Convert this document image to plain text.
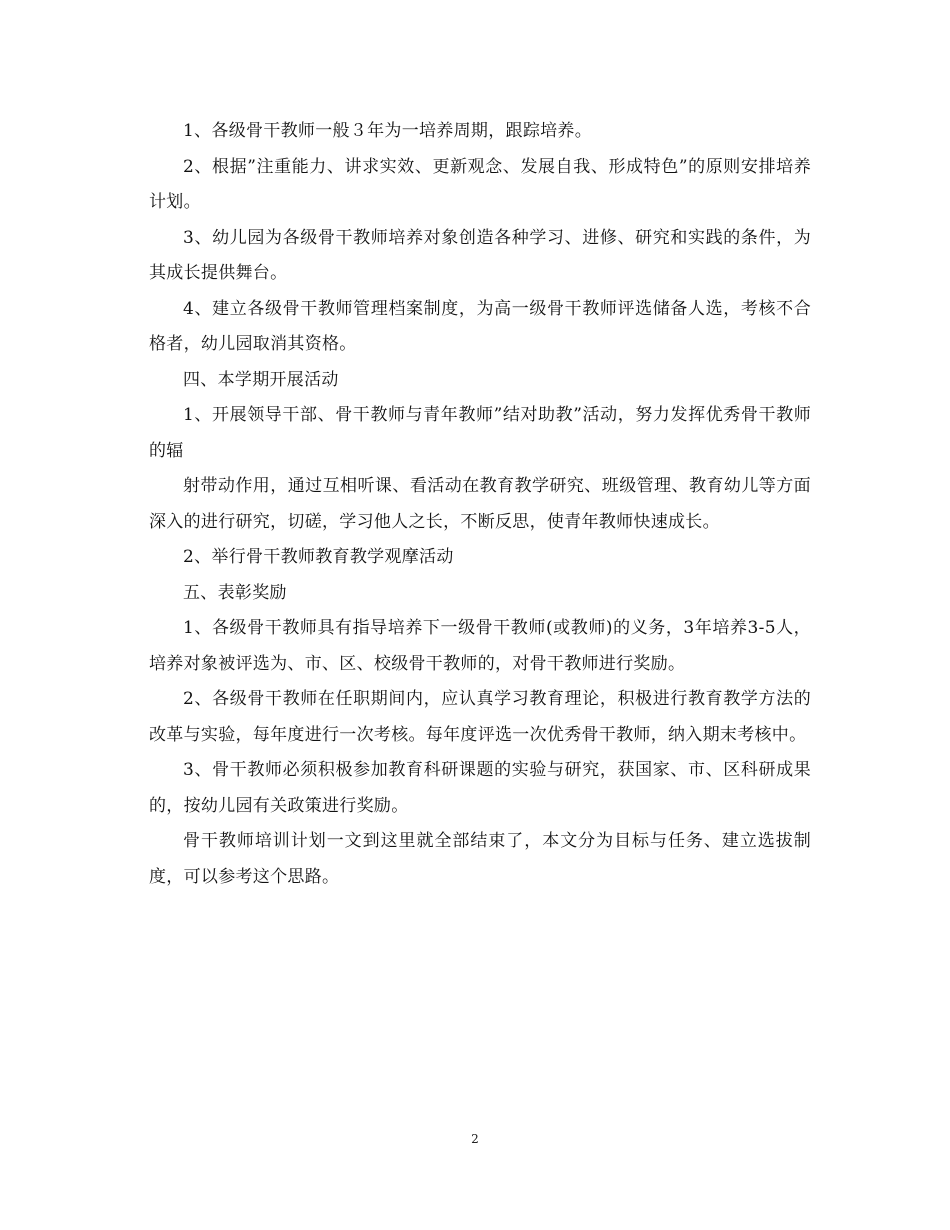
1、各级骨干教师一般３年为一培养周期，跟踪培养。

2、根据”注重能力、讲求实效、更新观念、发展自我、形成特色”的原则安排培养计划。

3、幼儿园为各级骨干教师培养对象创造各种学习、进修、研究和实践的条件，为其成长提供舞台。

4、建立各级骨干教师管理档案制度，为高一级骨干教师评选储备人选，考核不合格者，幼儿园取消其资格。

四、本学期开展活动

1、开展领导干部、骨干教师与青年教师”结对助教”活动，努力发挥优秀骨干教师的辐

射带动作用，通过互相听课、看活动在教育教学研究、班级管理、教育幼儿等方面深入的进行研究，切磋，学习他人之长，不断反思，使青年教师快速成长。

2、举行骨干教师教育教学观摩活动

五、表彰奖励

1、各级骨干教师具有指导培养下一级骨干教师(或教师)的义务，3年培养3-5人，培养对象被评选为、市、区、校级骨干教师的，对骨干教师进行奖励。

2、各级骨干教师在任职期间内，应认真学习教育理论，积极进行教育教学方法的改革与实验，每年度进行一次考核。每年度评选一次优秀骨干教师，纳入期末考核中。

3、骨干教师必须积极参加教育科研课题的实验与研究，获国家、市、区科研成果的，按幼儿园有关政策进行奖励。

骨干教师培训计划一文到这里就全部结束了，本文分为目标与任务、建立选拔制度，可以参考这个思路。

2
